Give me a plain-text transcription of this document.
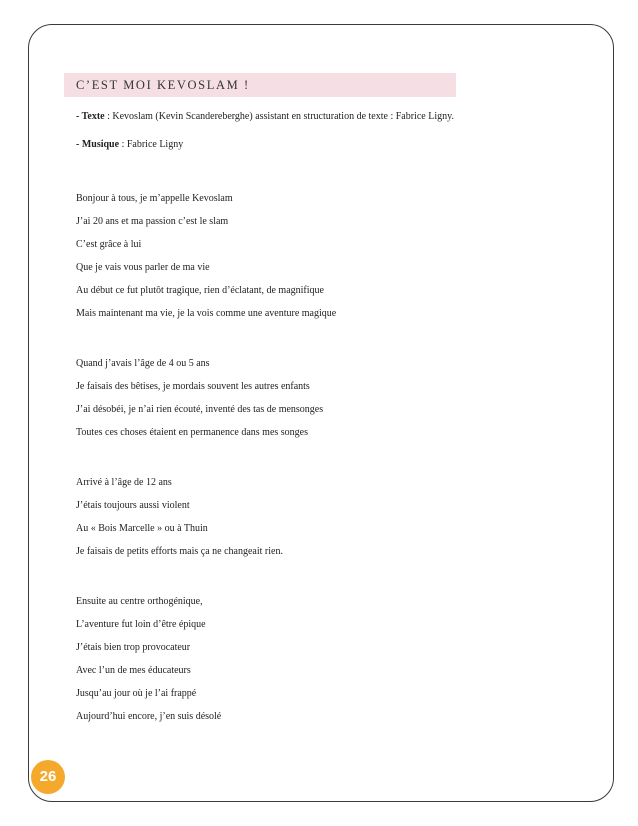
C’EST MOI KEVOSLAM !

- Texte : Kevoslam (Kevin Scandereberghe) assistant en structuration de texte : Fabrice Ligny.

- Musique : Fabrice Ligny

Bonjour à tous, je m’appelle Kevoslam
J’ai 20 ans et ma passion c’est le slam
C’est grâce à lui
Que je vais vous parler de ma vie
Au début ce fut plutôt tragique, rien d’éclatant, de magnifique
Mais maintenant ma vie, je la vois comme une aventure magique
Quand j’avais l’âge de 4 ou 5 ans
Je faisais des bêtises, je mordais souvent les autres enfants
J’ai désobéi, je n’ai rien écouté, inventé des tas de mensonges
Toutes ces choses étaient en permanence dans mes songes
Arrivé à l’âge de 12 ans
J’étais toujours aussi violent
Au « Bois Marcelle » ou à Thuin
Je faisais de petits efforts mais ça ne changeait rien.
Ensuite au centre orthogénique,
L’aventure fut loin d’être épique
J’étais bien trop provocateur
Avec l’un de mes éducateurs
Jusqu’au jour où je l’ai frappé
Aujourd’hui encore, j’en suis désolé
26
